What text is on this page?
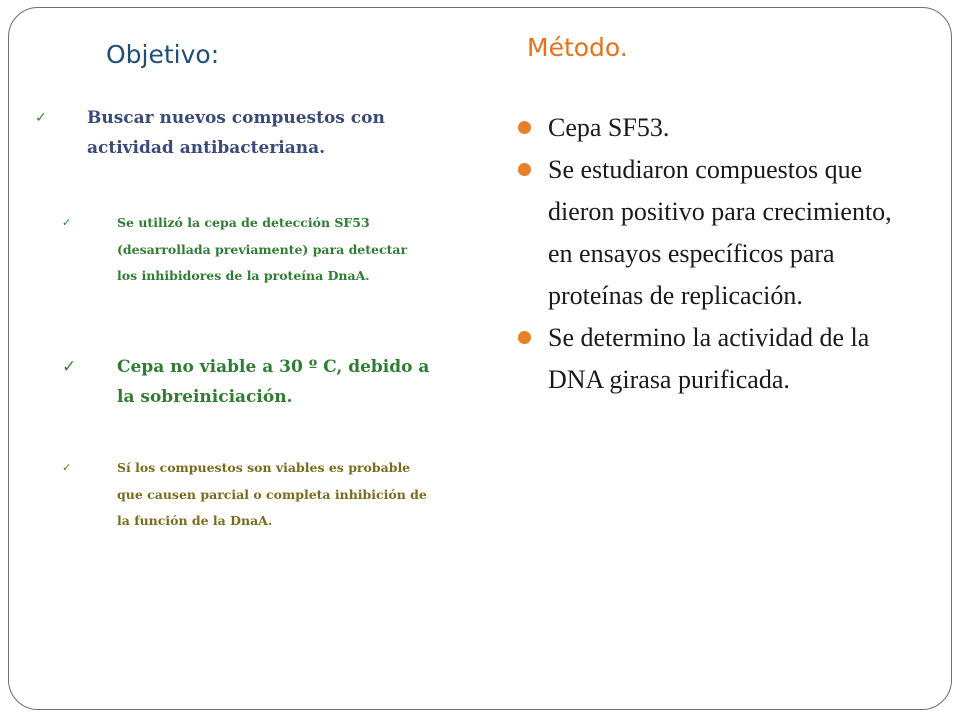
Objetivo:	Método.
✓ Buscar nuevos compuestos con actividad antibacteriana.
✓	Se utilizó la cepa de detección SF53 (desarrollada previamente) para detectar los inhibidores de la proteína DnaA.
✓ Cepa no viable a 30 º C, debido a la sobreiniciación.
✓	Sí los compuestos son viables es probable que causen parcial o completa inhibición de la función de la DnaA.
Cepa SF53.
Se estudiaron compuestos que dieron positivo para crecimiento, en ensayos específicos para proteínas de replicación.
Se determino la actividad de la DNA girasa purificada.
